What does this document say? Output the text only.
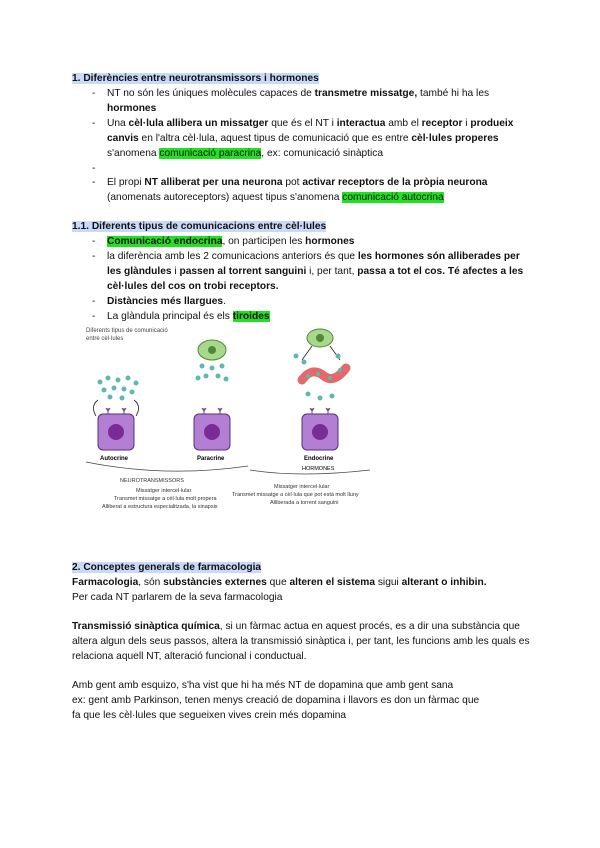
1. Diferències entre neurotransmissors i hormones
- NT no són les úniques molècules capaces de transmetre missatge, també hi ha les hormones
- Una cèl·lula allibera un missatger que és el NT i interactua amb el receptor i produeix canvis en l'altra cèl·lula, aquest tipus de comunicació que es entre cèl·lules properes s'anomena comunicació paracrina, ex: comunicació sinàptica
-
- El propi NT alliberat per una neurona pot activar receptors de la pròpia neurona (anomenats autoreceptors) aquest tipus s'anomena comunicació autocrina
1.1. Diferents tipus de comunicacions entre cèl·lules
- Comunicació endocrina, on participen les hormones
- la diferència amb les 2 comunicacions anteriors és que les hormones són alliberades per les glàndules i passen al torrent sanguini i, per tant, passa a tot el cos. Té afectes a les cèl·lules del cos on trobi receptors.
- Distàncies més llargues.
- La glàndula principal és els tiroides
Diferents tipus de comunicació
entre cèl·lules
Autocrine	Paracrine	Endocrine
HORMONES
NEUROTRANSMISSORS
Missatger intercel·lular
Transmet missatge a cèl·lula molt propera
Alliberat a estructura especialitzada, la sinapsis
Missatger intercel·lular
Transmet missatge a cèl·lula que pot està molt lluny
Alliberada a torrent sanguini
2. Conceptes generals de farmacologia
Farmacologia, són substàncies externes que alteren el sistema sigui alterant o inhibin.
Per cada NT parlarem de la seva farmacologia
Transmissió sinàptica química, si un fàrmac actua en aquest procés, es a dir una substància que altera algun dels seus passos, altera la transmissió sinàptica i, per tant, les funcions amb les quals es relaciona aquell NT, alteració funcional i conductual.
Amb gent amb esquizo, s'ha vist que hi ha més NT de dopamina que amb gent sana
ex: gent amb Parkinson, tenen menys creació de dopamina i llavors es don un fàrmac que
fa que les cèl·lules que segueixen vives crein més dopamina
